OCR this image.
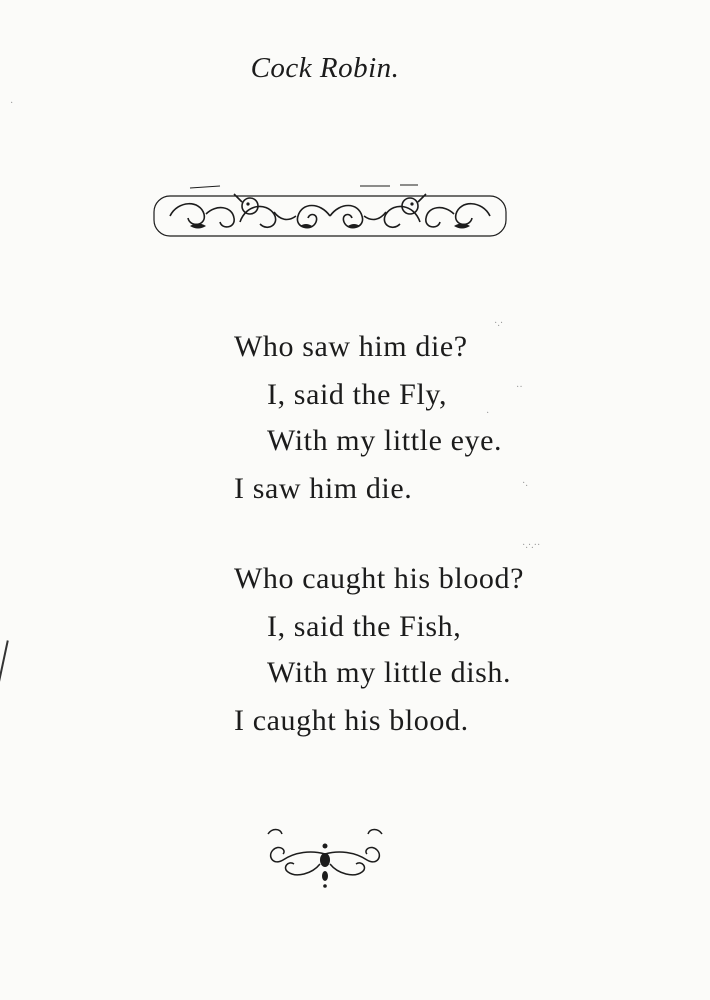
Cock Robin.
Who saw him die?
I, said the Fly,
With my little eye.
I saw him die.
Who caught his blood?
I, said the Fish,
With my little dish.
I caught his blood.
·.·
··
·
·.
·.·.··
·
